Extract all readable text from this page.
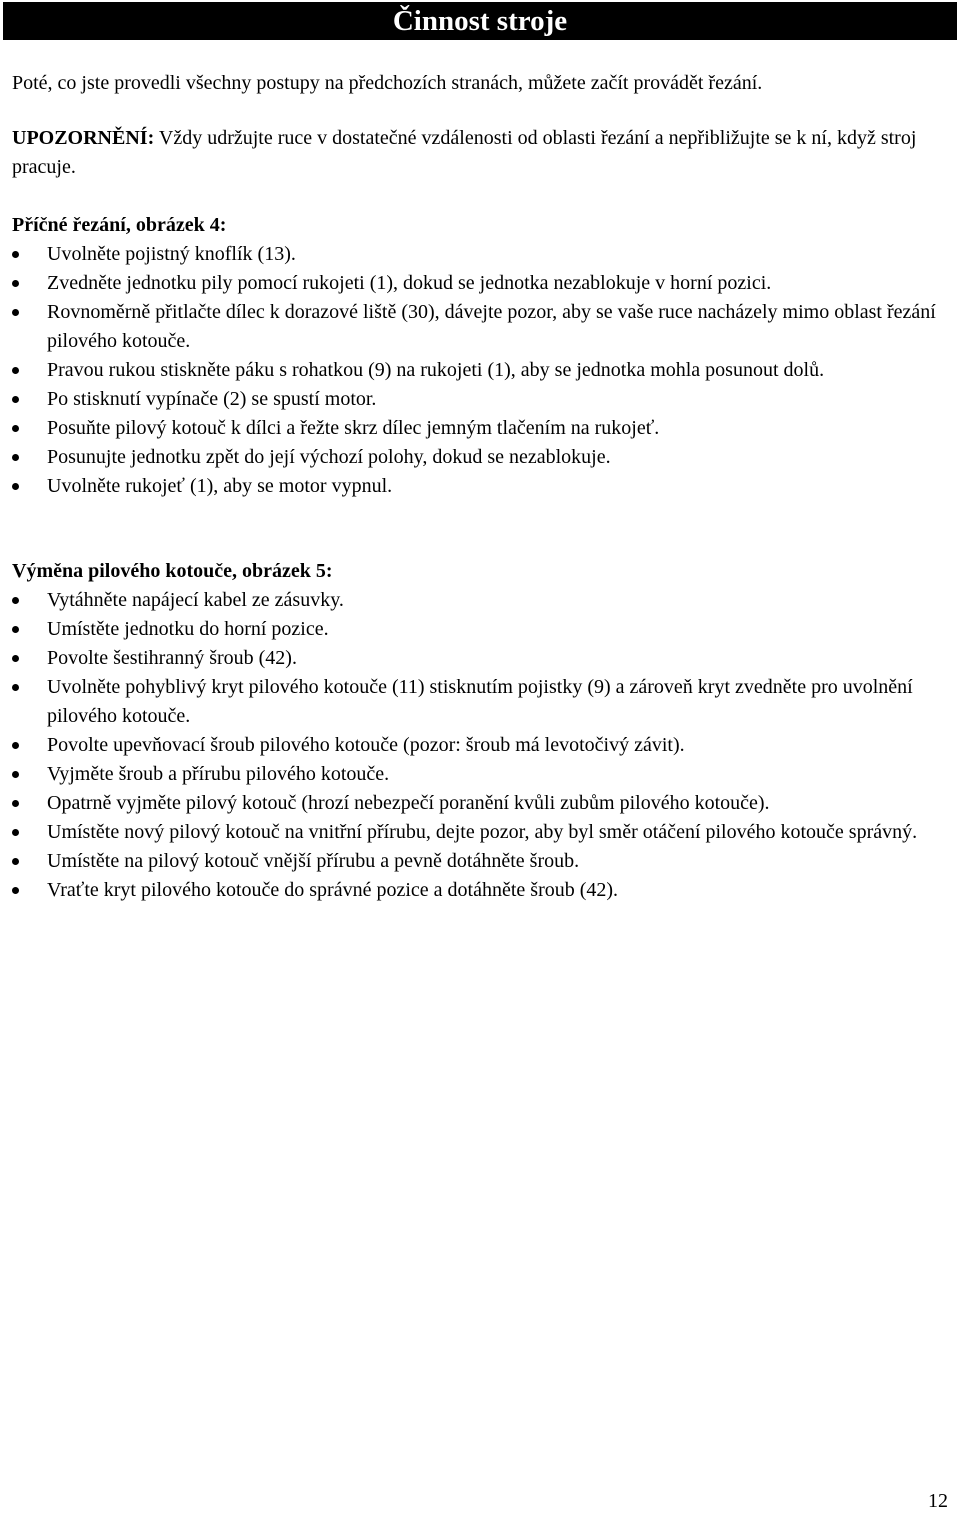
Činnost stroje

Poté, co jste provedli všechny postupy na předchozích stranách, můžete začít provádět řezání.

UPOZORNĚNÍ: Vždy udržujte ruce v dostatečné vzdálenosti od oblasti řezání a nepřibližujte se k ní, když stroj pracuje.

Příčné řezání, obrázek 4:
Uvolněte pojistný knoflík (13).
Zvedněte jednotku pily pomocí rukojeti (1), dokud se jednotka nezablokuje v horní pozici.
Rovnoměrně přitlačte dílec k dorazové liště (30), dávejte pozor, aby se vaše ruce nacházely mimo oblast řezání pilového kotouče.
Pravou rukou stiskněte páku s rohatkou (9) na rukojeti (1), aby se jednotka mohla posunout dolů.
Po stisknutí vypínače (2) se spustí motor.
Posuňte pilový kotouč k dílci a řežte skrz dílec jemným tlačením na rukojeť.
Posunujte jednotku zpět do její výchozí polohy, dokud se nezablokuje.
Uvolněte rukojeť (1), aby se motor vypnul.
Výměna pilového kotouče, obrázek 5:
Vytáhněte napájecí kabel ze zásuvky.
Umístěte jednotku do horní pozice.
Povolte šestihranný šroub (42).
Uvolněte pohyblivý kryt pilového kotouče (11) stisknutím pojistky (9) a zároveň kryt zvedněte pro uvolnění pilového kotouče.
Povolte upevňovací šroub pilového kotouče (pozor: šroub má levotočivý závit).
Vyjměte šroub a přírubu pilového kotouče.
Opatrně vyjměte pilový kotouč (hrozí nebezpečí poranění kvůli zubům pilového kotouče).
Umístěte nový pilový kotouč na vnitřní přírubu, dejte pozor, aby byl směr otáčení pilového kotouče správný.
Umístěte na pilový kotouč vnější přírubu a pevně dotáhněte šroub.
Vraťte kryt pilového kotouče do správné pozice a dotáhněte šroub (42).
12
